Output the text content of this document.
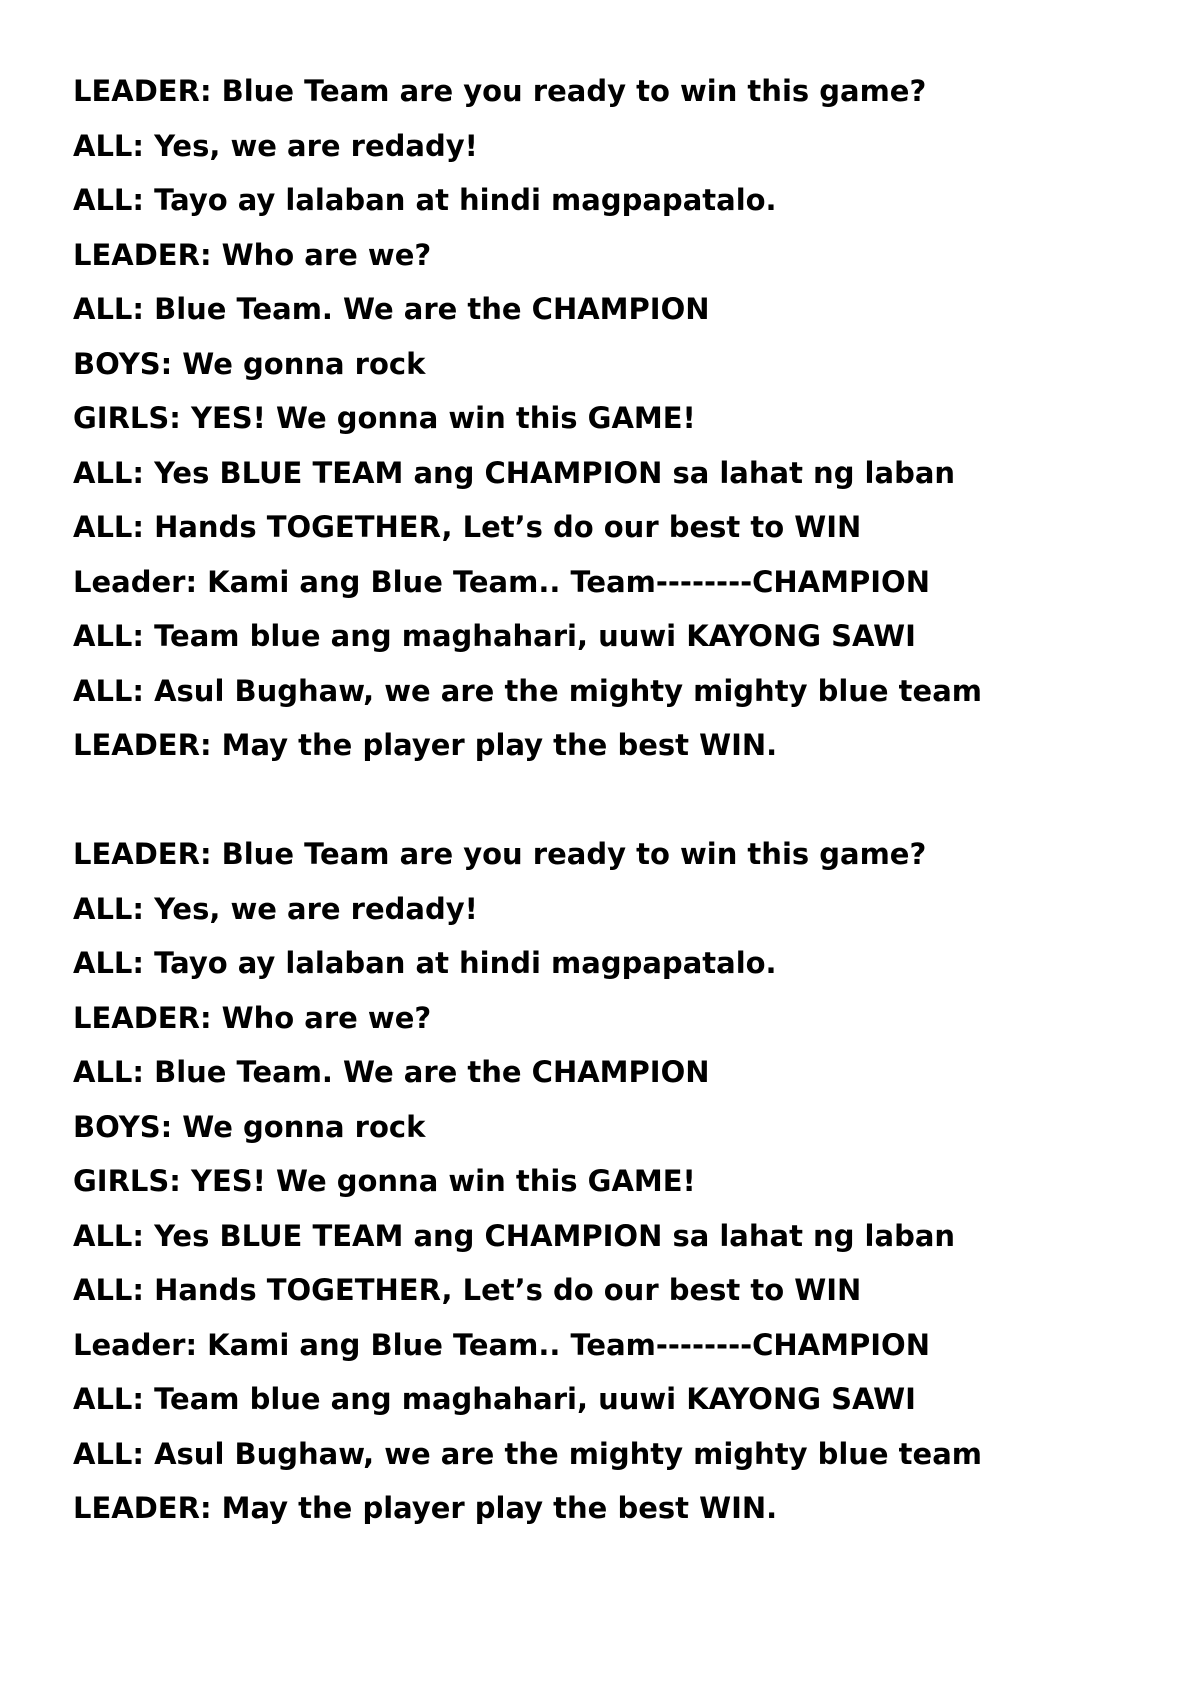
LEADER: Blue Team are you ready to win this game?
ALL: Yes, we are redady!
ALL: Tayo ay lalaban at hindi magpapatalo.
LEADER: Who are we?
ALL: Blue Team. We are the CHAMPION
BOYS: We gonna rock
GIRLS: YES! We gonna win this GAME!
ALL: Yes BLUE TEAM ang CHAMPION sa lahat ng laban
ALL: Hands TOGETHER, Let’s do our best to WIN
Leader: Kami ang Blue Team.. Team--------CHAMPION
ALL: Team blue ang maghahari, uuwi KAYONG SAWI
ALL: Asul Bughaw, we are the mighty mighty blue team
LEADER: May the player play the best WIN.
LEADER: Blue Team are you ready to win this game?
ALL: Yes, we are redady!
ALL: Tayo ay lalaban at hindi magpapatalo.
LEADER: Who are we?
ALL: Blue Team. We are the CHAMPION
BOYS: We gonna rock
GIRLS: YES! We gonna win this GAME!
ALL: Yes BLUE TEAM ang CHAMPION sa lahat ng laban
ALL: Hands TOGETHER, Let’s do our best to WIN
Leader: Kami ang Blue Team.. Team--------CHAMPION
ALL: Team blue ang maghahari, uuwi KAYONG SAWI
ALL: Asul Bughaw, we are the mighty mighty blue team
LEADER: May the player play the best WIN.
